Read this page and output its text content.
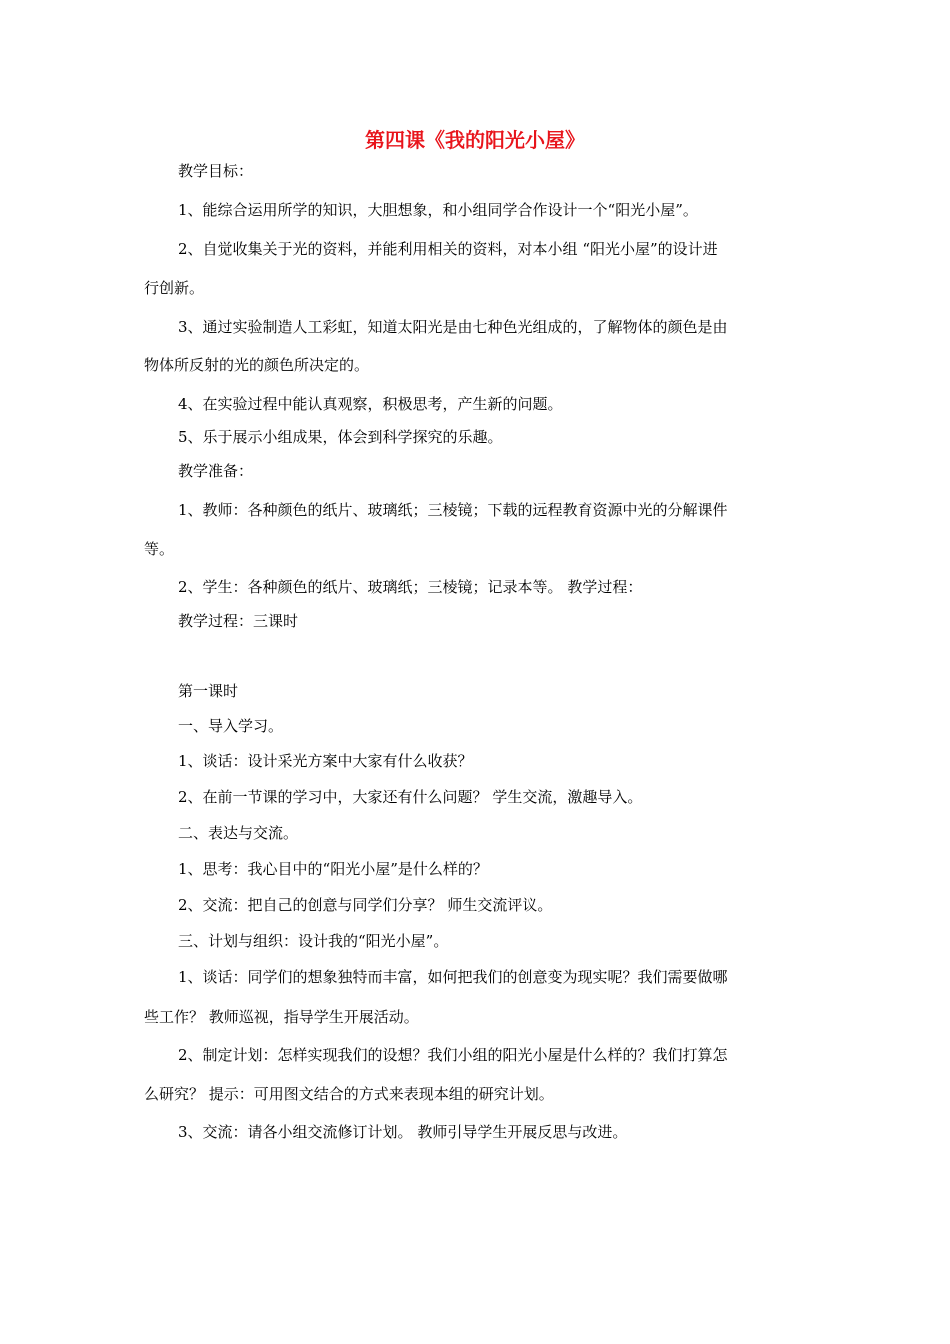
第四课《我的阳光小屋》
教学目标：
1、能综合运用所学的知识，大胆想象，和小组同学合作设计一个“阳光小屋”。
2、自觉收集关于光的资料，并能利用相关的资料，对本小组 “阳光小屋”的设计进
行创新。
3、通过实验制造人工彩虹，知道太阳光是由七种色光组成的，了解物体的颜色是由
物体所反射的光的颜色所决定的。
4、在实验过程中能认真观察，积极思考，产生新的问题。
5、乐于展示小组成果，体会到科学探究的乐趣。
教学准备：
1、教师：各种颜色的纸片、玻璃纸；三棱镜；下载的远程教育资源中光的分解课件
等。
2、学生：各种颜色的纸片、玻璃纸；三棱镜；记录本等。 教学过程：
教学过程：三课时
第一课时
一、导入学习。
1、谈话：设计采光方案中大家有什么收获？
2、在前一节课的学习中，大家还有什么问题？ 学生交流，激趣导入。
二、表达与交流。
1、思考：我心目中的“阳光小屋”是什么样的？
2、交流：把自己的创意与同学们分享？ 师生交流评议。
三、计划与组织：设计我的“阳光小屋”。
1、谈话：同学们的想象独特而丰富，如何把我们的创意变为现实呢？我们需要做哪
些工作？ 教师巡视，指导学生开展活动。
2、制定计划：怎样实现我们的设想？我们小组的阳光小屋是什么样的？我们打算怎
么研究？ 提示：可用图文结合的方式来表现本组的研究计划。
3、交流：请各小组交流修订计划。 教师引导学生开展反思与改进。
